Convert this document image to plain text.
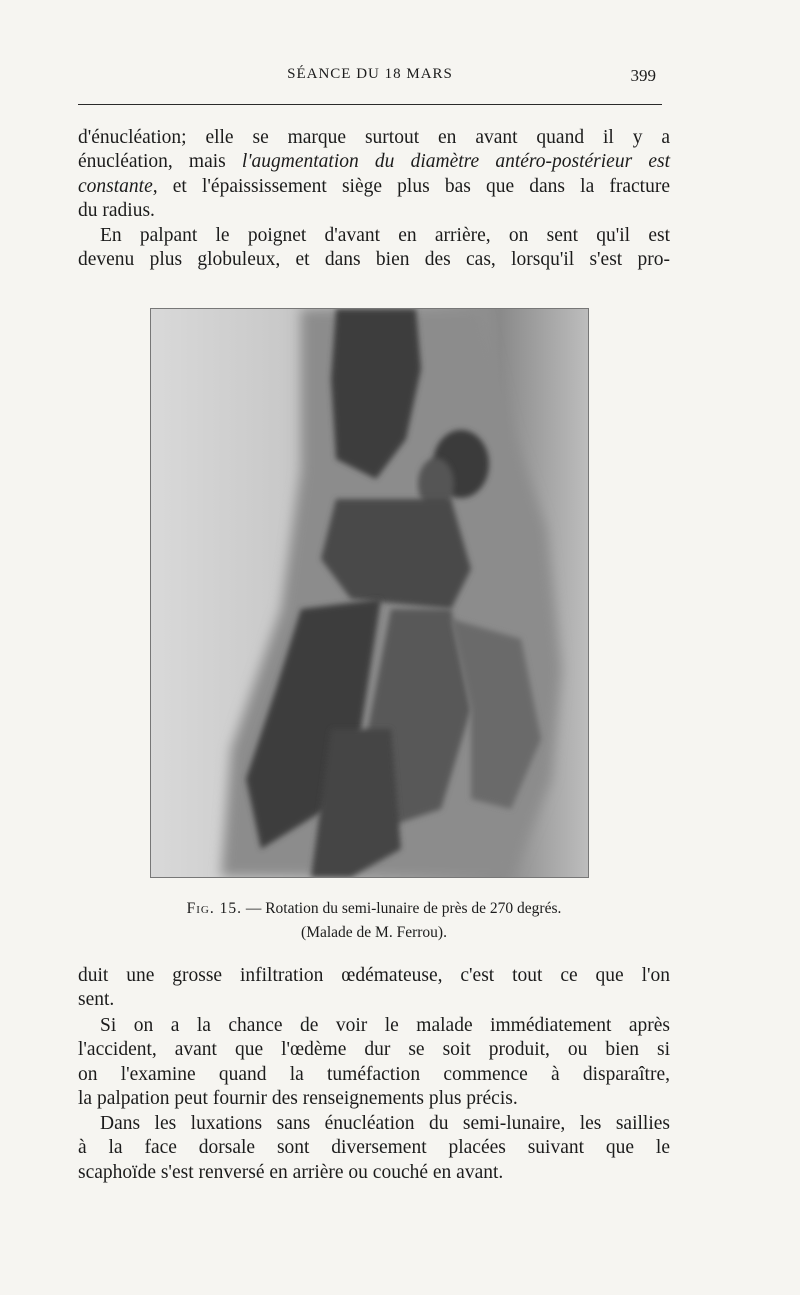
SÉANCE DU 18 MARS	399
d'énucléation; elle se marque surtout en avant quand il y a
énucléation, mais l'augmentation du diamètre antéro-postérieur est
constante, et l'épaississement siège plus bas que dans la fracture
du radius.
En palpant le poignet d'avant en arrière, on sent qu'il est
devenu plus globuleux, et dans bien des cas, lorsqu'il s'est pro-
Fig. 15. — Rotation du semi-lunaire de près de 270 degrés.
(Malade de M. Ferrou).
duit une grosse infiltration œdémateuse, c'est tout ce que l'on
sent.
Si on a la chance de voir le malade immédiatement après
l'accident, avant que l'œdème dur se soit produit, ou bien si
on l'examine quand la tuméfaction commence à disparaître,
la palpation peut fournir des renseignements plus précis.
Dans les luxations sans énucléation du semi-lunaire, les saillies
à la face dorsale sont diversement placées suivant que le
scaphoïde s'est renversé en arrière ou couché en avant.
